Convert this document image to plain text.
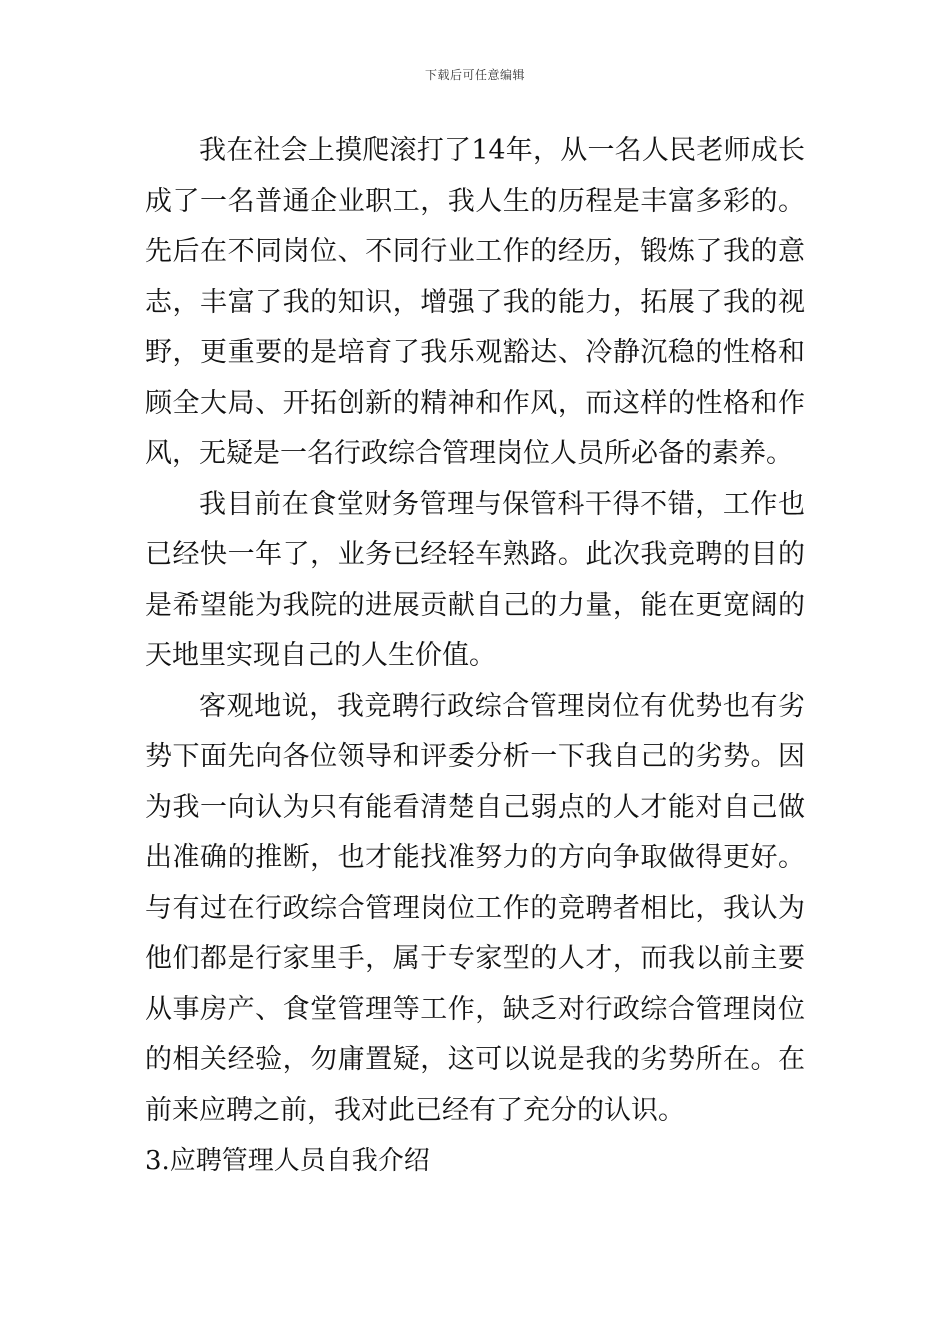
下载后可任意编辑

我在社会上摸爬滚打了14年，从一名人民老师成长成了一名普通企业职工，我人生的历程是丰富多彩的。先后在不同岗位、不同行业工作的经历，锻炼了我的意志，丰富了我的知识，增强了我的能力，拓展了我的视野，更重要的是培育了我乐观豁达、冷静沉稳的性格和顾全大局、开拓创新的精神和作风，而这样的性格和作风，无疑是一名行政综合管理岗位人员所必备的素养。

我目前在食堂财务管理与保管科干得不错，工作也已经快一年了，业务已经轻车熟路。此次我竞聘的目的是希望能为我院的进展贡献自己的力量，能在更宽阔的天地里实现自己的人生价值。

客观地说，我竞聘行政综合管理岗位有优势也有劣势下面先向各位领导和评委分析一下我自己的劣势。因为我一向认为只有能看清楚自己弱点的人才能对自己做出准确的推断，也才能找准努力的方向争取做得更好。与有过在行政综合管理岗位工作的竞聘者相比，我认为他们都是行家里手，属于专家型的人才，而我以前主要从事房产、食堂管理等工作，缺乏对行政综合管理岗位的相关经验，勿庸置疑，这可以说是我的劣势所在。在前来应聘之前，我对此已经有了充分的认识。

3.应聘管理人员自我介绍
